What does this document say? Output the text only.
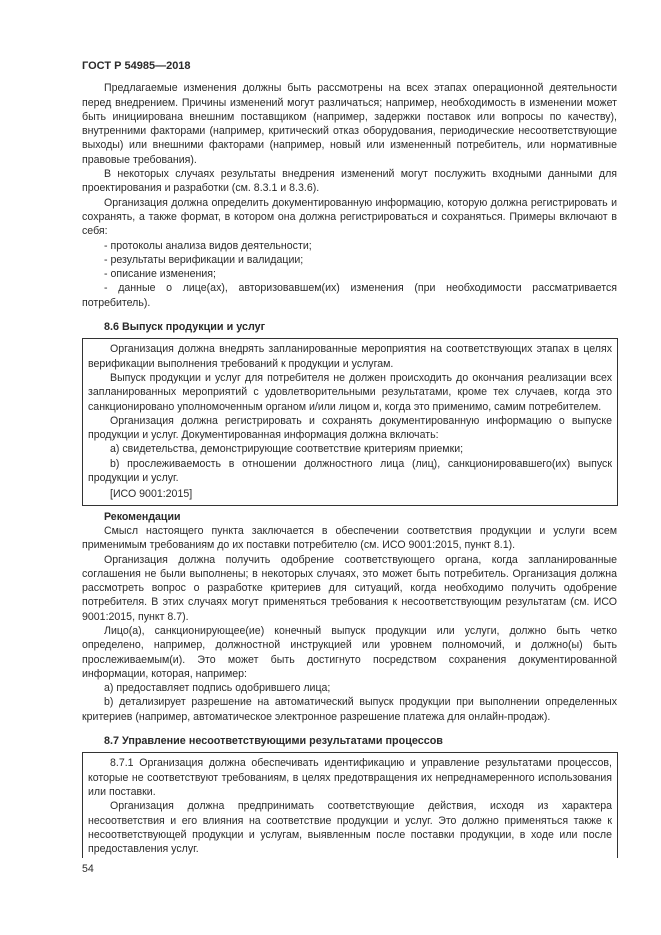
ГОСТ Р 54985—2018

Предлагаемые изменения должны быть рассмотрены на всех этапах операционной деятельности перед внедрением. Причины изменений могут различаться; например, необходимость в изменении может быть инициирована внешним поставщиком (например, задержки поставок или вопросы по качеству), внутренними факторами (например, критический отказ оборудования, периодические несоответствующие выходы) или внешними факторами (например, новый или измененный потребитель, или нормативные правовые требования).

В некоторых случаях результаты внедрения изменений могут послужить входными данными для проектирования и разработки (см. 8.3.1 и 8.3.6).

Организация должна определить документированную информацию, которую должна регистрировать и сохранять, а также формат, в котором она должна регистрироваться и сохраняться. Примеры включают в себя:

- протоколы анализа видов деятельности;

- результаты верификации и валидации;

- описание изменения;

- данные о лице(ах), авторизовавшем(их) изменения (при необходимости рассматривается потребитель).

8.6 Выпуск продукции и услуг

Организация должна внедрять запланированные мероприятия на соответствующих этапах в целях верификации выполнения требований к продукции и услугам.

Выпуск продукции и услуг для потребителя не должен происходить до окончания реализации всех запланированных мероприятий с удовлетворительными результатами, кроме тех случаев, когда это санкционировано уполномоченным органом и/или лицом и, когда это применимо, самим потребителем.

Организация должна регистрировать и сохранять документированную информацию о выпуске продукции и услуг. Документированная информация должна включать:

a) свидетельства, демонстрирующие соответствие критериям приемки;

b) прослеживаемость в отношении должностного лица (лиц), санкционировавшего(их) выпуск продукции и услуг.

[ИСО 9001:2015]

Рекомендации

Смысл настоящего пункта заключается в обеспечении соответствия продукции и услуги всем применимым требованиям до их поставки потребителю (см. ИСО 9001:2015, пункт 8.1).

Организация должна получить одобрение соответствующего органа, когда запланированные соглашения не были выполнены; в некоторых случаях, это может быть потребитель. Организация должна рассмотреть вопрос о разработке критериев для ситуаций, когда необходимо получить одобрение потребителя. В этих случаях могут применяться требования к несоответствующим результатам (см. ИСО 9001:2015, пункт 8.7).

Лицо(а), санкционирующее(ие) конечный выпуск продукции или услуги, должно быть четко определено, например, должностной инструкцией или уровнем полномочий, и должно(ы) быть прослеживаемым(и). Это может быть достигнуто посредством сохранения документированной информации, которая, например:

a) предоставляет подпись одобрившего лица;

b) детализирует разрешение на автоматический выпуск продукции при выполнении определенных критериев (например, автоматическое электронное разрешение платежа для онлайн-продаж).

8.7 Управление несоответствующими результатами процессов

8.7.1 Организация должна обеспечивать идентификацию и управление результатами процессов, которые не соответствуют требованиям, в целях предотвращения их непреднамеренного использования или поставки.

Организация должна предпринимать соответствующие действия, исходя из характера несоответствия и его влияния на соответствие продукции и услуг. Это должно применяться также к несоответствующей продукции и услугам, выявленным после поставки продукции, в ходе или после предоставления услуг.

54
